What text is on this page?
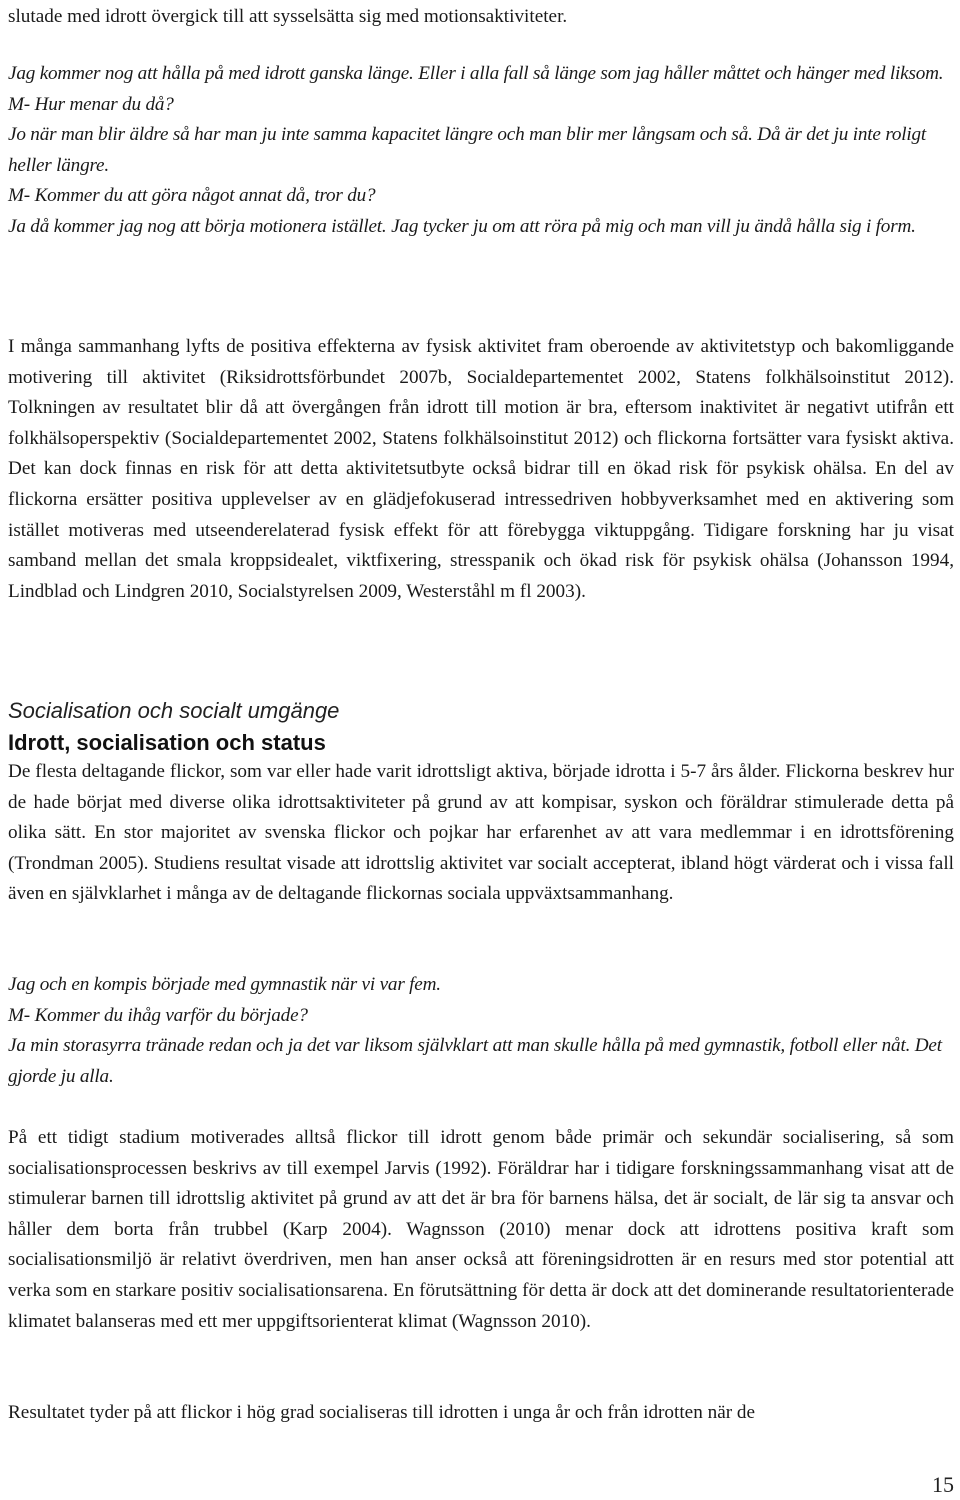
slutade med idrott övergick till att sysselsätta sig med motionsaktiviteter.

Jag kommer nog att hålla på med idrott ganska länge. Eller i alla fall så länge som jag håller måttet och hänger med liksom.

M- Hur menar du då?

Jo när man blir äldre så har man ju inte samma kapacitet längre och man blir mer långsam och så. Då är det ju inte roligt heller längre.

M- Kommer du att göra något annat då, tror du?

Ja då kommer jag nog att börja motionera istället. Jag tycker ju om att röra på mig och man vill ju ändå hålla sig i form.

I många sammanhang lyfts de positiva effekterna av fysisk aktivitet fram oberoende av aktivitetstyp och bakomliggande motivering till aktivitet (Riksidrottsförbundet 2007b, Socialdepartementet 2002, Statens folkhälsoinstitut 2012). Tolkningen av resultatet blir då att övergången från idrott till motion är bra, eftersom inaktivitet är negativt utifrån ett folkhälsoperspektiv (Socialdepartementet 2002, Statens folkhälsoinstitut 2012) och flickorna fortsätter vara fysiskt aktiva. Det kan dock finnas en risk för att detta aktivitetsutbyte också bidrar till en ökad risk för psykisk ohälsa. En del av flickorna ersätter positiva upplevelser av en glädjefokuserad intressedriven hobbyverksamhet med en aktivering som istället motiveras med utseenderelaterad fysisk effekt för att förebygga viktuppgång. Tidigare forskning har ju visat samband mellan det smala kroppsidealet, viktfixering, stresspanik och ökad risk för psykisk ohälsa (Johansson 1994, Lindblad och Lindgren 2010, Socialstyrelsen 2009, Westerståhl m fl 2003).

Socialisation och socialt umgänge
Idrott, socialisation och status

De flesta deltagande flickor, som var eller hade varit idrottsligt aktiva, började idrotta i 5-7 års ålder. Flickorna beskrev hur de hade börjat med diverse olika idrottsaktiviteter på grund av att kompisar, syskon och föräldrar stimulerade detta på olika sätt. En stor majoritet av svenska flickor och pojkar har erfarenhet av att vara medlemmar i en idrottsförening (Trondman 2005). Studiens resultat visade att idrottslig aktivitet var socialt accepterat, ibland högt värderat och i vissa fall även en självklarhet i många av de deltagande flickornas sociala uppväxtsammanhang.

Jag och en kompis började med gymnastik när vi var fem.

M- Kommer du ihåg varför du började?

Ja min storasyrra tränade redan och ja det var liksom självklart att man skulle hålla på med gymnastik, fotboll eller nåt. Det gjorde ju alla.

På ett tidigt stadium motiverades alltså flickor till idrott genom både primär och sekundär socialisering, så som socialisationsprocessen beskrivs av till exempel Jarvis (1992). Föräldrar har i tidigare forskningssammanhang visat att de stimulerar barnen till idrottslig aktivitet på grund av att det är bra för barnens hälsa, det är socialt, de lär sig ta ansvar och håller dem borta från trubbel (Karp 2004). Wagnsson (2010) menar dock att idrottens positiva kraft som socialisationsmiljö är relativt överdriven, men han anser också att föreningsidrotten är en resurs med stor potential att verka som en starkare positiv socialisationsarena. En förutsättning för detta är dock att det dominerande resultatorienterade klimatet balanseras med ett mer uppgiftsorienterat klimat (Wagnsson 2010).

Resultatet tyder på att flickor i hög grad socialiseras till idrotten i unga år och från idrotten när de

15
